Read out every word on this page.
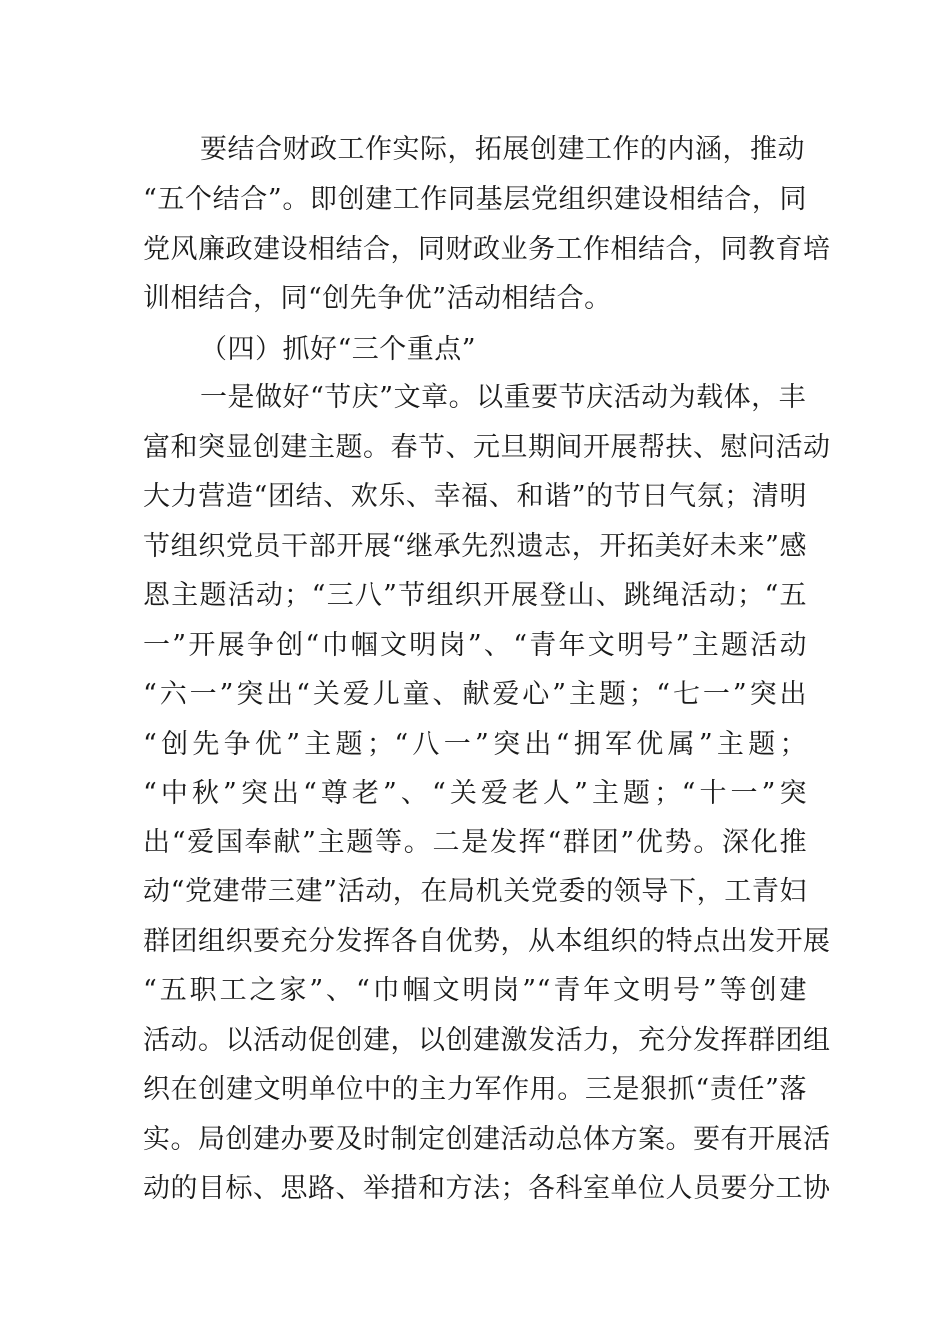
要结合财政工作实际，拓展创建工作的内涵，推动
“五个结合”。即创建工作同基层党组织建设相结合，同
党风廉政建设相结合，同财政业务工作相结合，同教育培
训相结合，同“创先争优”活动相结合。
（四）抓好“三个重点”
一是做好“节庆”文章。以重要节庆活动为载体，丰
富和突显创建主题。春节、元旦期间开展帮扶、慰问活动
大力营造“团结、欢乐、幸福、和谐”的节日气氛；清明
节组织党员干部开展“继承先烈遗志，开拓美好未来”感
恩主题活动；“三八”节组织开展登山、跳绳活动；“五
一”开展争创“巾帼文明岗”、“青年文明号”主题活动
“六一”突出“关爱儿童、献爱心”主题；“七一”突出
“创先争优”主题；“八一”突出“拥军优属”主题；
“中秋”突出“尊老”、“关爱老人”主题；“十一”突
出“爱国奉献”主题等。二是发挥“群团”优势。深化推
动“党建带三建”活动，在局机关党委的领导下，工青妇
群团组织要充分发挥各自优势，从本组织的特点出发开展
“五职工之家”、“巾帼文明岗”“青年文明号”等创建
活动。以活动促创建，以创建激发活力，充分发挥群团组
织在创建文明单位中的主力军作用。三是狠抓“责任”落
实。局创建办要及时制定创建活动总体方案。要有开展活
动的目标、思路、举措和方法；各科室单位人员要分工协
